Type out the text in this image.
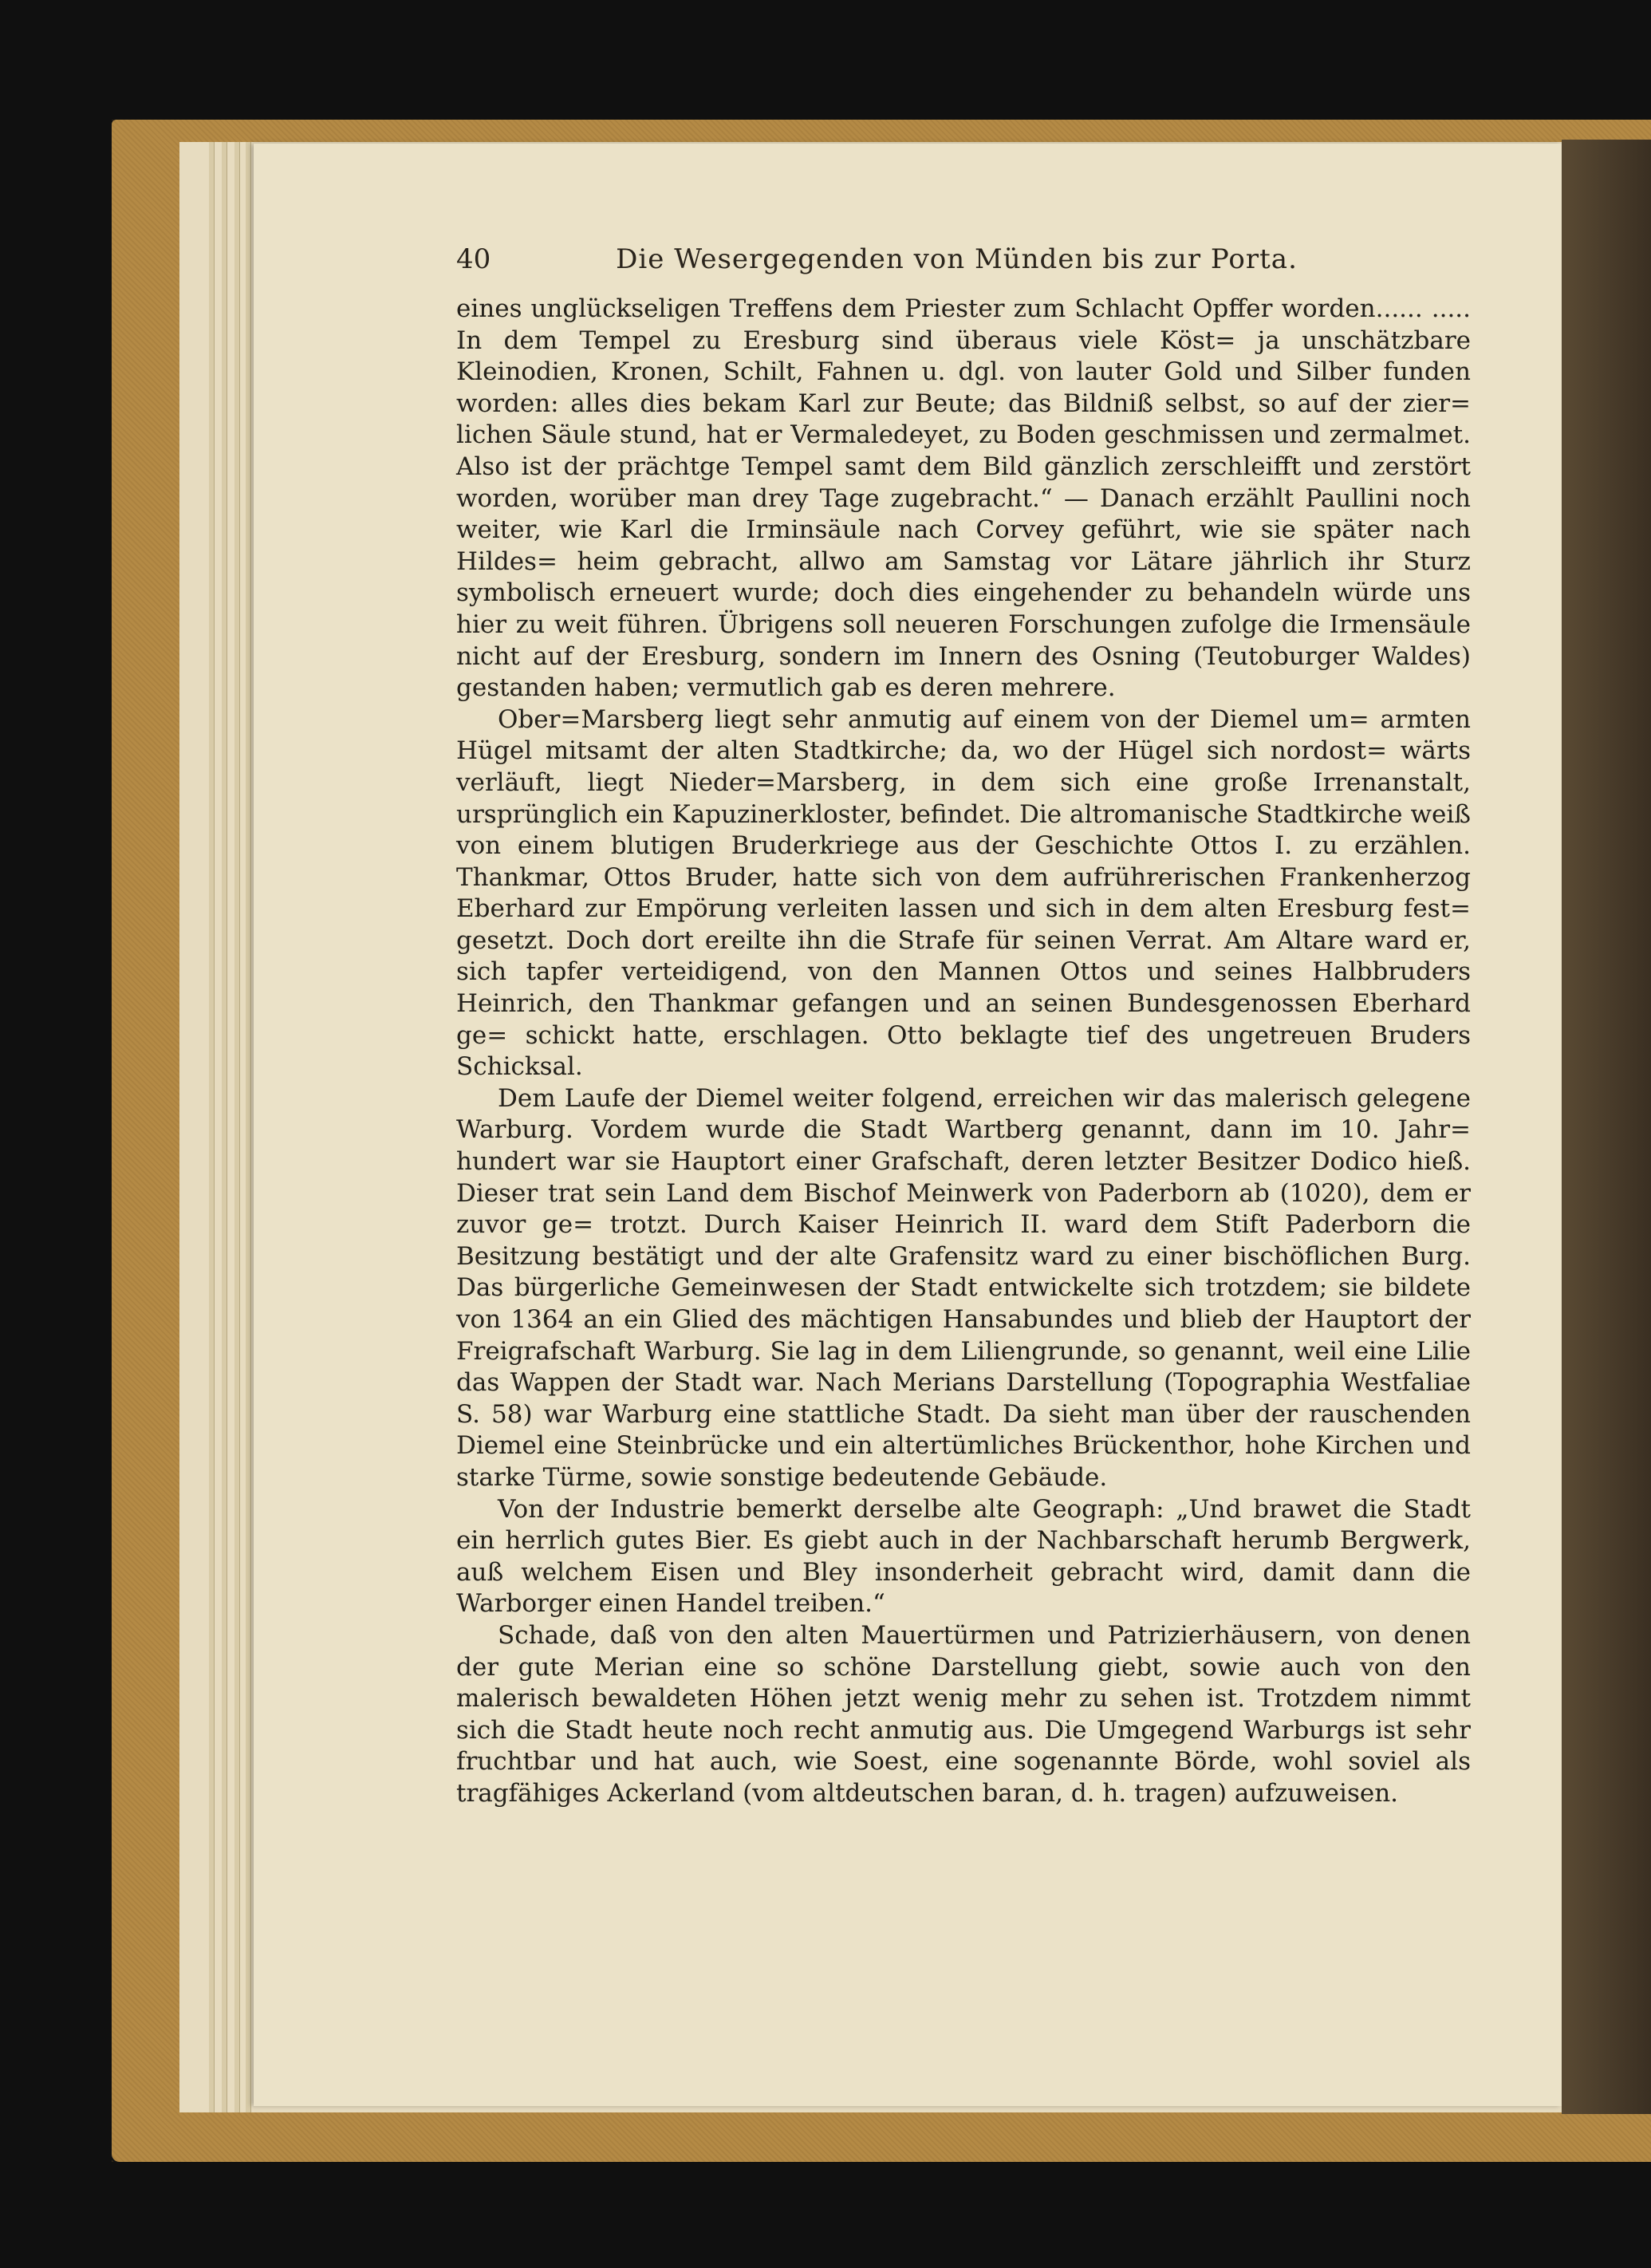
40	Die Wesergegenden von Münden bis zur Porta.

eines unglückseligen Treffens dem Priester zum Schlacht Opffer worden...... ..... In dem Tempel zu Eresburg sind überaus viele Köst= ja unschätzbare Kleinodien, Kronen, Schilt, Fahnen u. dgl. von lauter Gold und Silber funden worden: alles dies bekam Karl zur Beute; das Bildniß selbst, so auf der zier= lichen Säule stund, hat er Vermaledeyet, zu Boden geschmissen und zermalmet. Also ist der prächtge Tempel samt dem Bild gänzlich zerschleifft und zerstört worden, worüber man drey Tage zugebracht.“ — Danach erzählt Paullini noch weiter, wie Karl die Irminsäule nach Corvey geführt, wie sie später nach Hildes= heim gebracht, allwo am Samstag vor Lätare jährlich ihr Sturz symbolisch erneuert wurde; doch dies eingehender zu behandeln würde uns hier zu weit führen. Übrigens soll neueren Forschungen zufolge die Irmensäule nicht auf der Eresburg, sondern im Innern des Osning (Teutoburger Waldes) gestanden haben; vermutlich gab es deren mehrere.

Ober=Marsberg liegt sehr anmutig auf einem von der Diemel um= armten Hügel mitsamt der alten Stadtkirche; da, wo der Hügel sich nordost= wärts verläuft, liegt Nieder=Marsberg, in dem sich eine große Irrenanstalt, ursprünglich ein Kapuzinerkloster, befindet. Die altromanische Stadtkirche weiß von einem blutigen Bruderkriege aus der Geschichte Ottos I. zu erzählen. Thankmar, Ottos Bruder, hatte sich von dem aufrührerischen Frankenherzog Eberhard zur Empörung verleiten lassen und sich in dem alten Eresburg fest= gesetzt. Doch dort ereilte ihn die Strafe für seinen Verrat. Am Altare ward er, sich tapfer verteidigend, von den Mannen Ottos und seines Halbbruders Heinrich, den Thankmar gefangen und an seinen Bundesgenossen Eberhard ge= schickt hatte, erschlagen. Otto beklagte tief des ungetreuen Bruders Schicksal.

Dem Laufe der Diemel weiter folgend, erreichen wir das malerisch gelegene Warburg. Vordem wurde die Stadt Wartberg genannt, dann im 10. Jahr= hundert war sie Hauptort einer Grafschaft, deren letzter Besitzer Dodico hieß. Dieser trat sein Land dem Bischof Meinwerk von Paderborn ab (1020), dem er zuvor ge= trotzt. Durch Kaiser Heinrich II. ward dem Stift Paderborn die Besitzung bestätigt und der alte Grafensitz ward zu einer bischöflichen Burg. Das bürgerliche Gemeinwesen der Stadt entwickelte sich trotzdem; sie bildete von 1364 an ein Glied des mächtigen Hansabundes und blieb der Hauptort der Freigrafschaft Warburg. Sie lag in dem Liliengrunde, so genannt, weil eine Lilie das Wappen der Stadt war. Nach Merians Darstellung (Topographia Westfaliae S. 58) war Warburg eine stattliche Stadt. Da sieht man über der rauschenden Diemel eine Steinbrücke und ein altertümliches Brückenthor, hohe Kirchen und starke Türme, sowie sonstige bedeutende Gebäude.

Von der Industrie bemerkt derselbe alte Geograph: „Und brawet die Stadt ein herrlich gutes Bier. Es giebt auch in der Nachbarschaft herumb Bergwerk, auß welchem Eisen und Bley insonderheit gebracht wird, damit dann die Warborger einen Handel treiben.“

Schade, daß von den alten Mauertürmen und Patrizierhäusern, von denen der gute Merian eine so schöne Darstellung giebt, sowie auch von den malerisch bewaldeten Höhen jetzt wenig mehr zu sehen ist. Trotzdem nimmt sich die Stadt heute noch recht anmutig aus. Die Umgegend Warburgs ist sehr fruchtbar und hat auch, wie Soest, eine sogenannte Börde, wohl soviel als tragfähiges Ackerland (vom altdeutschen baran, d. h. tragen) aufzuweisen.
